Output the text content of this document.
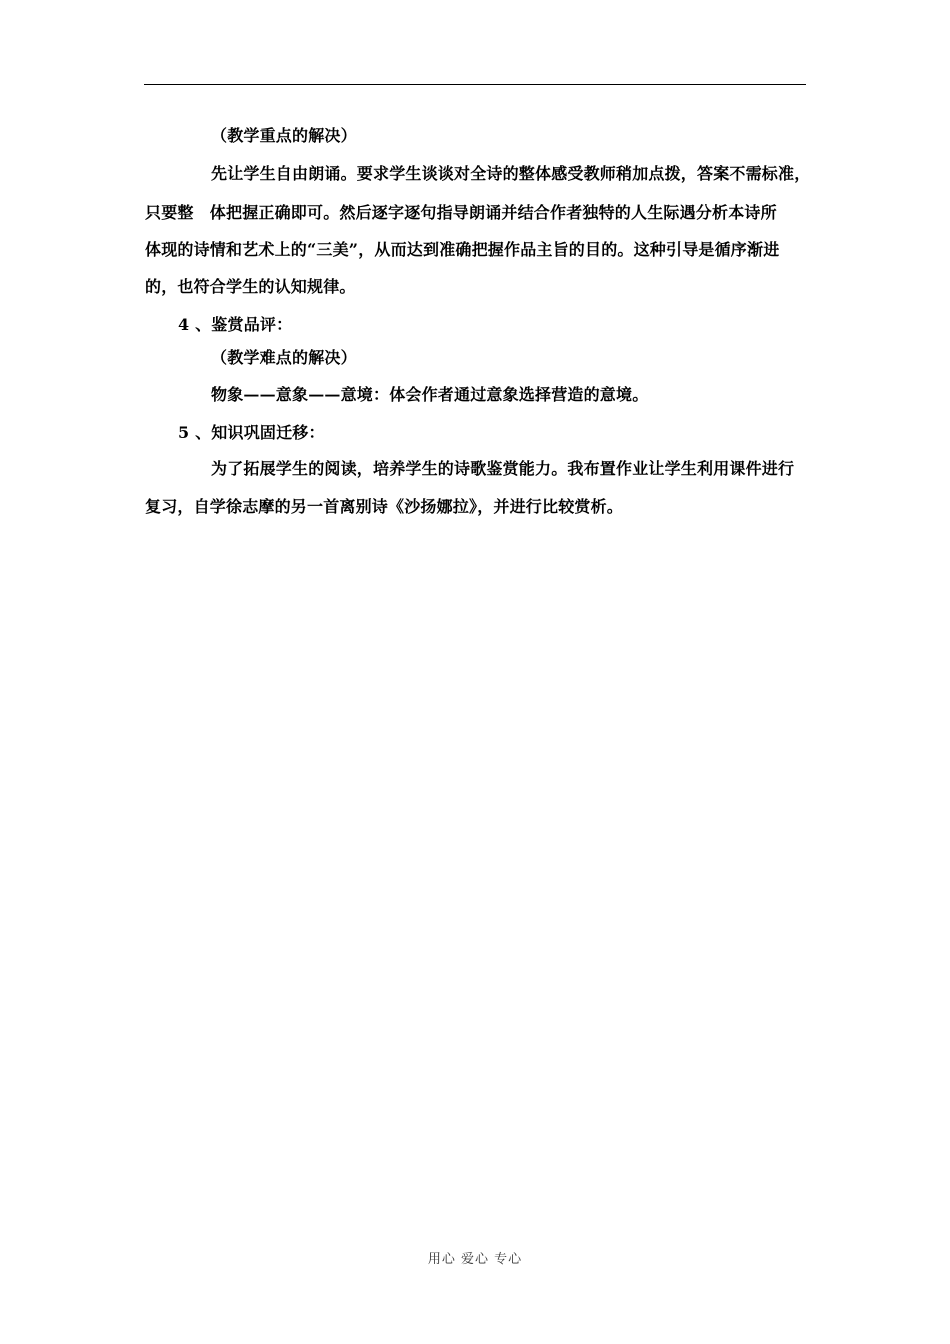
（教学重点的解决）
先让学生自由朗诵。要求学生谈谈对全诗的整体感受教师稍加点拨，答案不需标准，
只要整　体把握正确即可。然后逐字逐句指导朗诵并结合作者独特的人生际遇分析本诗所
体现的诗情和艺术上的“三美”，从而达到准确把握作品主旨的目的。这种引导是循序渐进
的，也符合学生的认知规律。
4 、鉴赏品评：
（教学难点的解决）
物象——意象——意境：体会作者通过意象选择营造的意境。
5 、知识巩固迁移：
为了拓展学生的阅读，培养学生的诗歌鉴赏能力。我布置作业让学生利用课件进行
复习，自学徐志摩的另一首离别诗《沙扬娜拉》，并进行比较赏析。
用心 爱心 专心
